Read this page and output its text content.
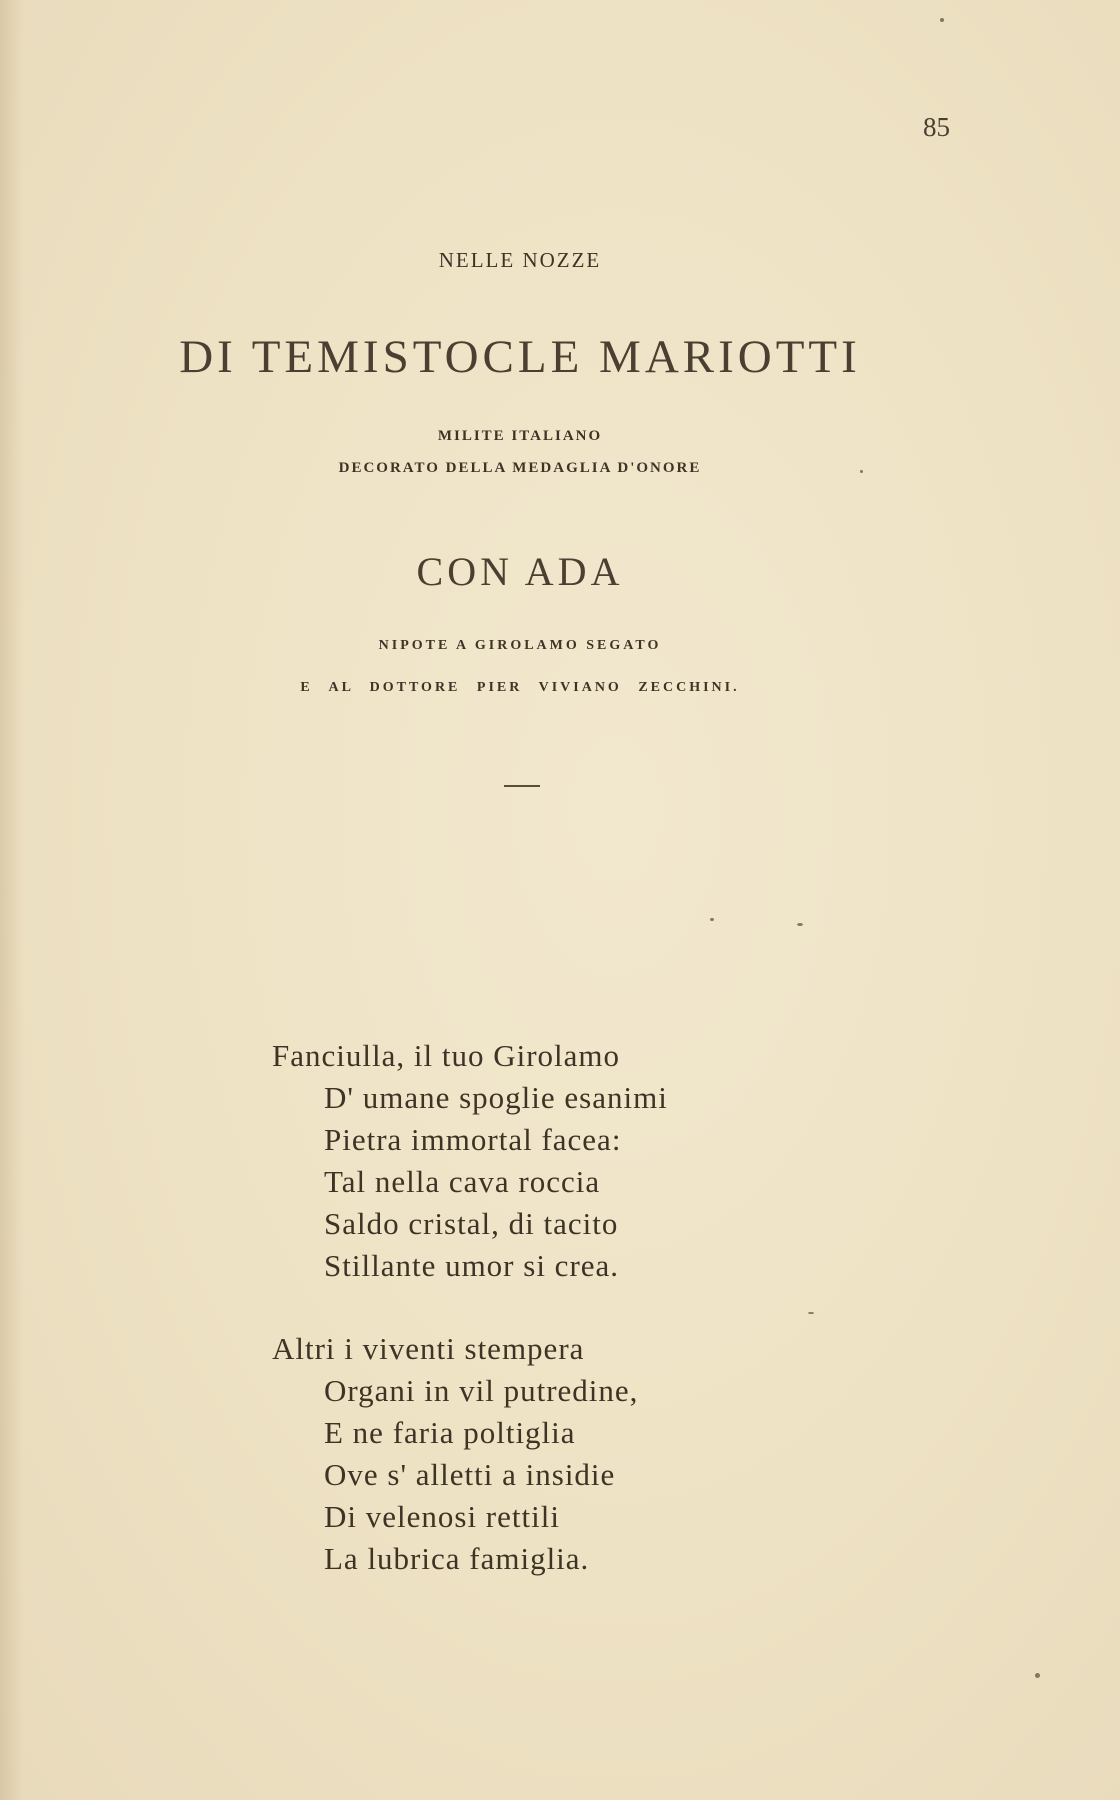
85
NELLE NOZZE
DI TEMISTOCLE MARIOTTI
MILITE ITALIANO
DECORATO DELLA MEDAGLIA D'ONORE
CON ADA
NIPOTE A GIROLAMO SEGATO
E AL DOTTORE PIER VIVIANO ZECCHINI.
Fanciulla, il tuo Girolamo
D' umane spoglie esanimi
Pietra immortal facea:
Tal nella cava roccia
Saldo cristal, di tacito
Stillante umor si crea.
Altri i viventi stempera
Organi in vil putredine,
E ne faria poltiglia
Ove s' alletti a insidie
Di velenosi rettili
La lubrica famiglia.
